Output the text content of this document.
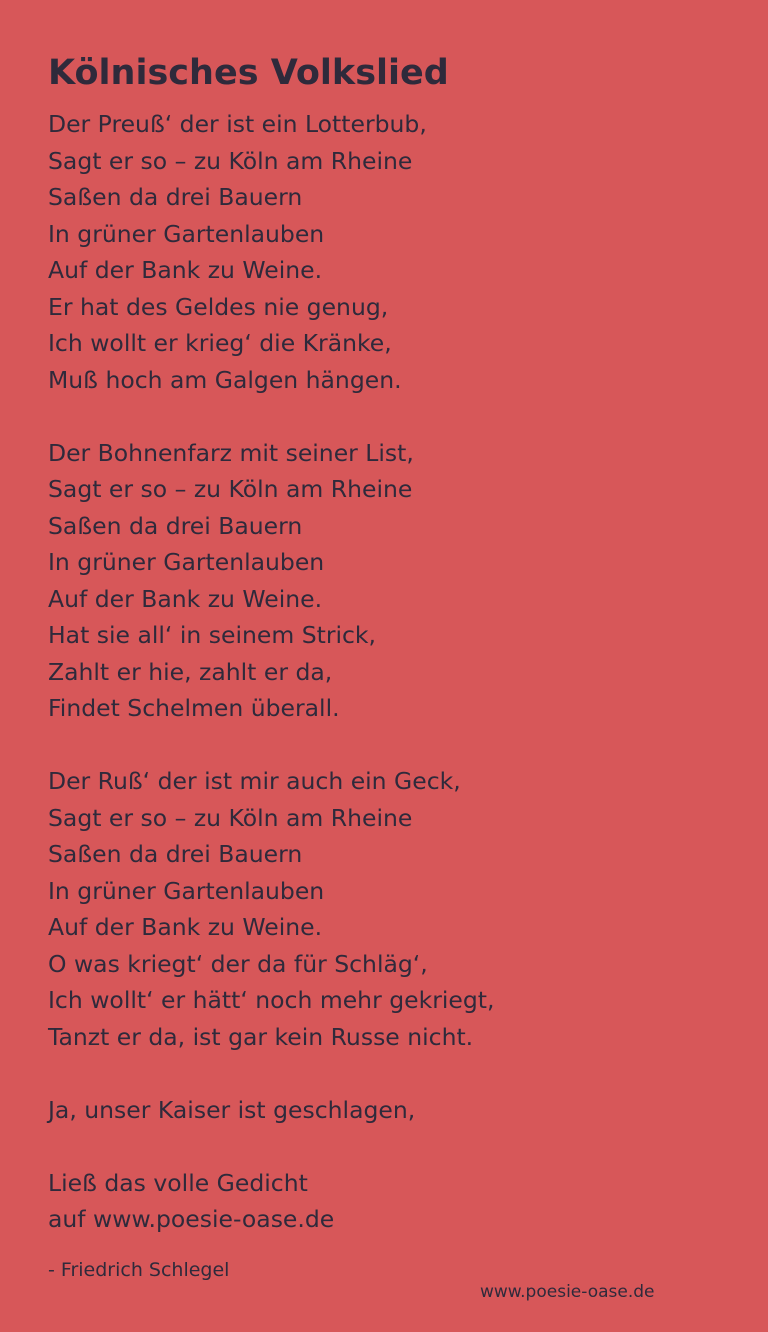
Kölnisches Volkslied
Der Preuß‘ der ist ein Lotterbub,
Sagt er so – zu Köln am Rheine
Saßen da drei Bauern
In grüner Gartenlauben
Auf der Bank zu Weine.
Er hat des Geldes nie genug,
Ich wollt er krieg‘ die Kränke,
Muß hoch am Galgen hängen.
Der Bohnenfarz mit seiner List,
Sagt er so – zu Köln am Rheine
Saßen da drei Bauern
In grüner Gartenlauben
Auf der Bank zu Weine.
Hat sie all‘ in seinem Strick,
Zahlt er hie, zahlt er da,
Findet Schelmen überall.
Der Ruß‘ der ist mir auch ein Geck,
Sagt er so – zu Köln am Rheine
Saßen da drei Bauern
In grüner Gartenlauben
Auf der Bank zu Weine.
O was kriegt‘ der da für Schläg‘,
Ich wollt‘ er hätt‘ noch mehr gekriegt,
Tanzt er da, ist gar kein Russe nicht.
Ja, unser Kaiser ist geschlagen,
Ließ das volle Gedicht
auf www.poesie-oase.de
- Friedrich Schlegel
www.poesie-oase.de
